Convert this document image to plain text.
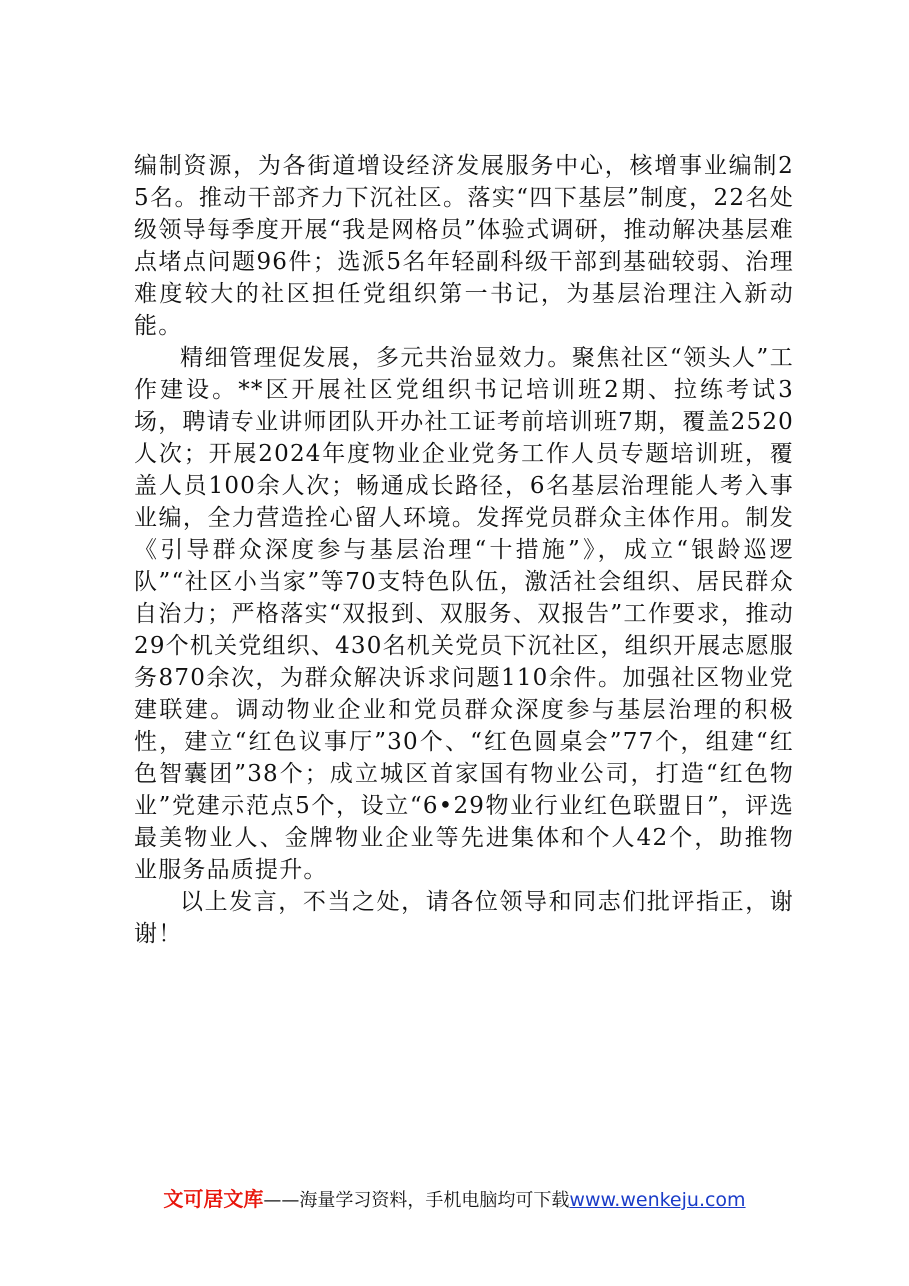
编制资源，为各街道增设经济发展服务中心，核增事业编制25名。推动干部齐力下沉社区。落实“四下基层”制度，22名处级领导每季度开展“我是网格员”体验式调研，推动解决基层难点堵点问题96件；选派5名年轻副科级干部到基础较弱、治理难度较大的社区担任党组织第一书记，为基层治理注入新动能。

精细管理促发展，多元共治显效力。聚焦社区“领头人”工作建设。**区开展社区党组织书记培训班2期、拉练考试3场，聘请专业讲师团队开办社工证考前培训班7期，覆盖2520人次；开展2024年度物业企业党务工作人员专题培训班，覆盖人员100余人次；畅通成长路径，6名基层治理能人考入事业编，全力营造拴心留人环境。发挥党员群众主体作用。制发《引导群众深度参与基层治理“十措施”》，成立“银龄巡逻队”“社区小当家”等70支特色队伍，激活社会组织、居民群众自治力；严格落实“双报到、双服务、双报告”工作要求，推动29个机关党组织、430名机关党员下沉社区，组织开展志愿服务870余次，为群众解决诉求问题110余件。加强社区物业党建联建。调动物业企业和党员群众深度参与基层治理的积极性，建立“红色议事厅”30个、“红色圆桌会”77个，组建“红色智囊团”38个；成立城区首家国有物业公司，打造“红色物业”党建示范点5个，设立“6•29物业行业红色联盟日”，评选最美物业人、金牌物业企业等先进集体和个人42个，助推物业服务品质提升。

以上发言，不当之处，请各位领导和同志们批评指正，谢谢！

文可居文库——海量学习资料，手机电脑均可下载www.wenkeju.com
